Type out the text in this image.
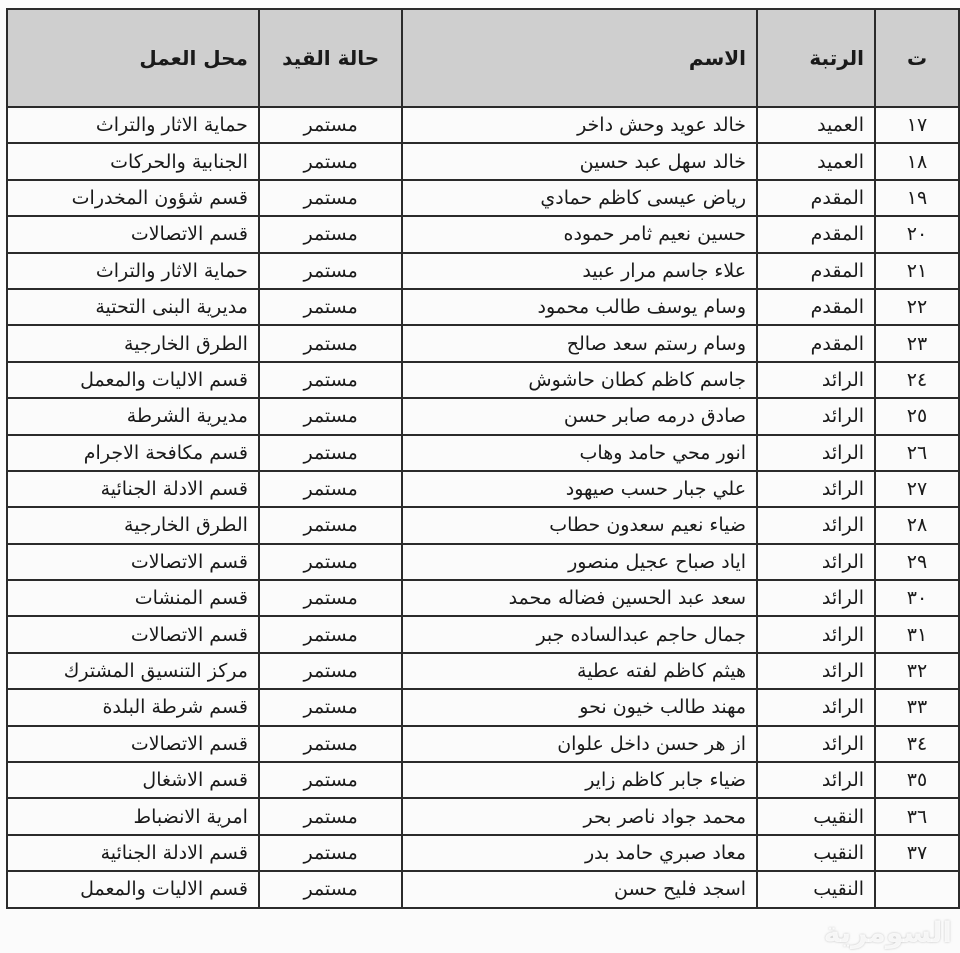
ت	الرتبة	الاسم	حالة القيد	محل العمل
١٧	العميد	خالد عويد وحش داخر	مستمر	حماية الاثار والتراث
١٨	العميد	خالد سهل عبد حسين	مستمر	الجنابية والحركات
١٩	المقدم	رياض عيسى كاظم حمادي	مستمر	قسم شؤون المخدرات
٢٠	المقدم	حسين نعيم ثامر حموده	مستمر	قسم الاتصالات
٢١	المقدم	علاء جاسم مرار عبيد	مستمر	حماية الاثار والتراث
٢٢	المقدم	وسام يوسف طالب محمود	مستمر	مديرية البنى التحتية
٢٣	المقدم	وسام رستم سعد صالح	مستمر	الطرق الخارجية
٢٤	الرائد	جاسم كاظم كطان حاشوش	مستمر	قسم الاليات والمعمل
٢٥	الرائد	صادق درمه صابر حسن	مستمر	مديرية الشرطة
٢٦	الرائد	انور محي حامد وهاب	مستمر	قسم مكافحة الاجرام
٢٧	الرائد	علي جبار حسب صيهود	مستمر	قسم الادلة الجنائية
٢٨	الرائد	ضياء نعيم سعدون حطاب	مستمر	الطرق الخارجية
٢٩	الرائد	اياد صباح عجيل منصور	مستمر	قسم الاتصالات
٣٠	الرائد	سعد عبد الحسين فضاله محمد	مستمر	قسم المنشات
٣١	الرائد	جمال حاجم عبدالساده جبر	مستمر	قسم الاتصالات
٣٢	الرائد	هيثم كاظم لفته عطية	مستمر	مركز التنسيق المشترك
٣٣	الرائد	مهند طالب خيون نحو	مستمر	قسم شرطة البلدة
٣٤	الرائد	از هر حسن داخل علوان	مستمر	قسم الاتصالات
٣٥	الرائد	ضياء جابر كاظم زاير	مستمر	قسم الاشغال
٣٦	النقيب	محمد جواد ناصر بحر	مستمر	امرية الانضباط
٣٧	النقيب	معاد صبري حامد بدر	مستمر	قسم الادلة الجنائية
	النقيب	اسجد فليح حسن	مستمر	قسم الاليات والمعمل
السومرية
